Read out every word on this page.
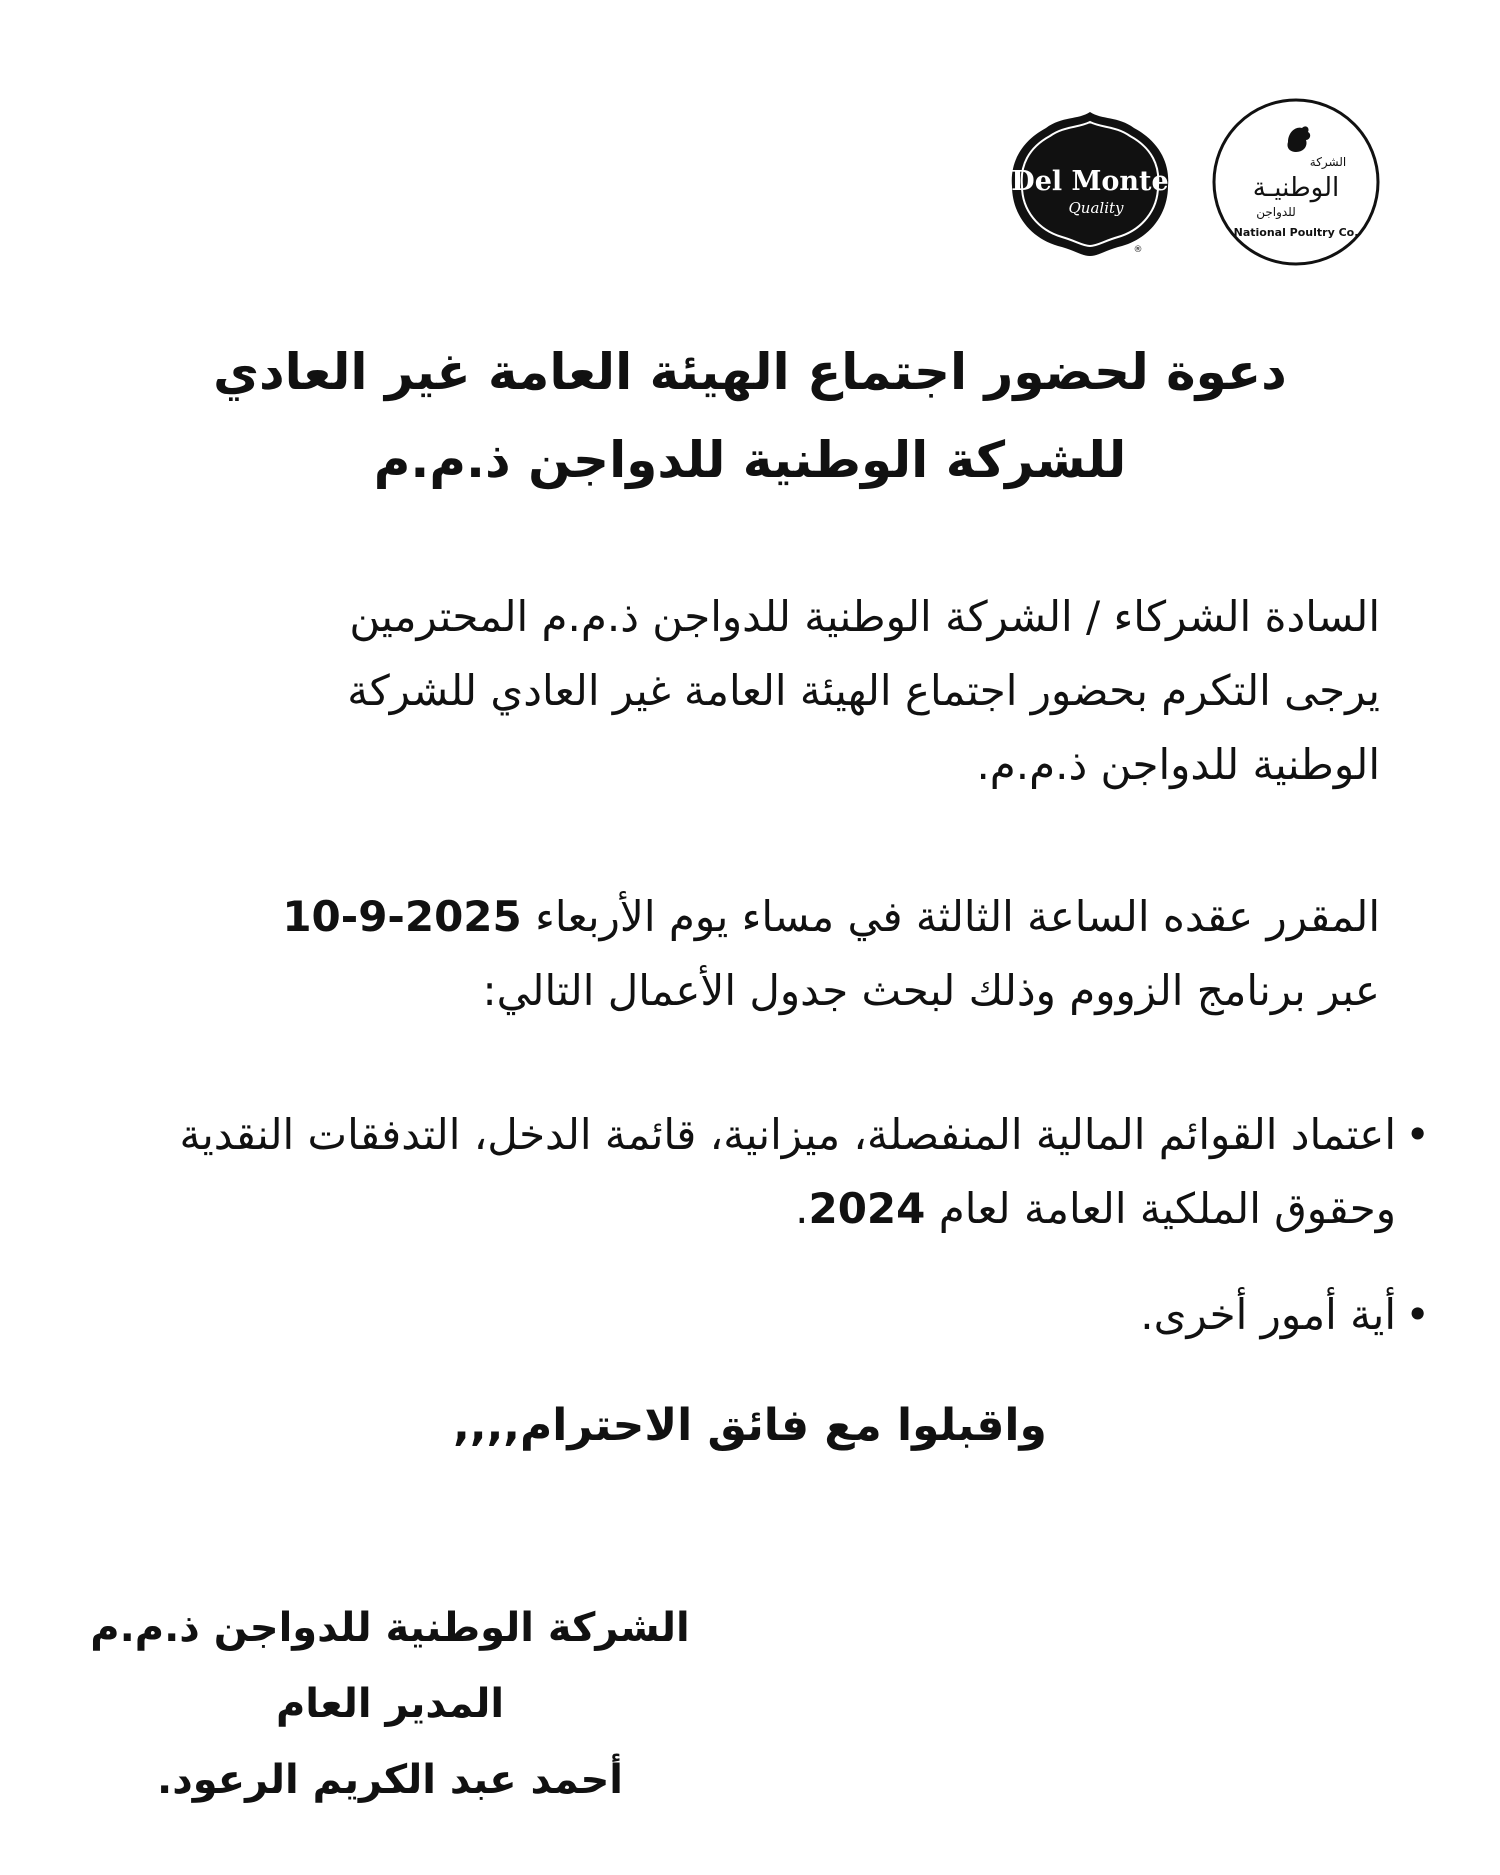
Del Monte
Quality
®
الشركة
الوطنيـة
للدواجن
National Poultry Co.
دعوة لحضور اجتماع الهيئة العامة غير العادي
للشركة الوطنية للدواجن ذ.م.م
السادة الشركاء / الشركة الوطنية للدواجن ذ.م.م المحترمين
يرجى التكرم بحضور اجتماع الهيئة العامة غير العادي للشركة
الوطنية للدواجن ذ.م.م.
المقرر عقده الساعة الثالثة في مساء يوم الأربعاء 10-9-2025
عبر برنامج الزووم وذلك لبحث جدول الأعمال التالي:
• اعتماد القوائم المالية المنفصلة، ميزانية، قائمة الدخل، التدفقات النقدية وحقوق الملكية العامة لعام 2024.
• أية أمور أخرى.

واقبلوا مع فائق الاحترام,,,,

الشركة الوطنية للدواجن ذ.م.م
المدير العام
أحمد عبد الكريم الرعود.
